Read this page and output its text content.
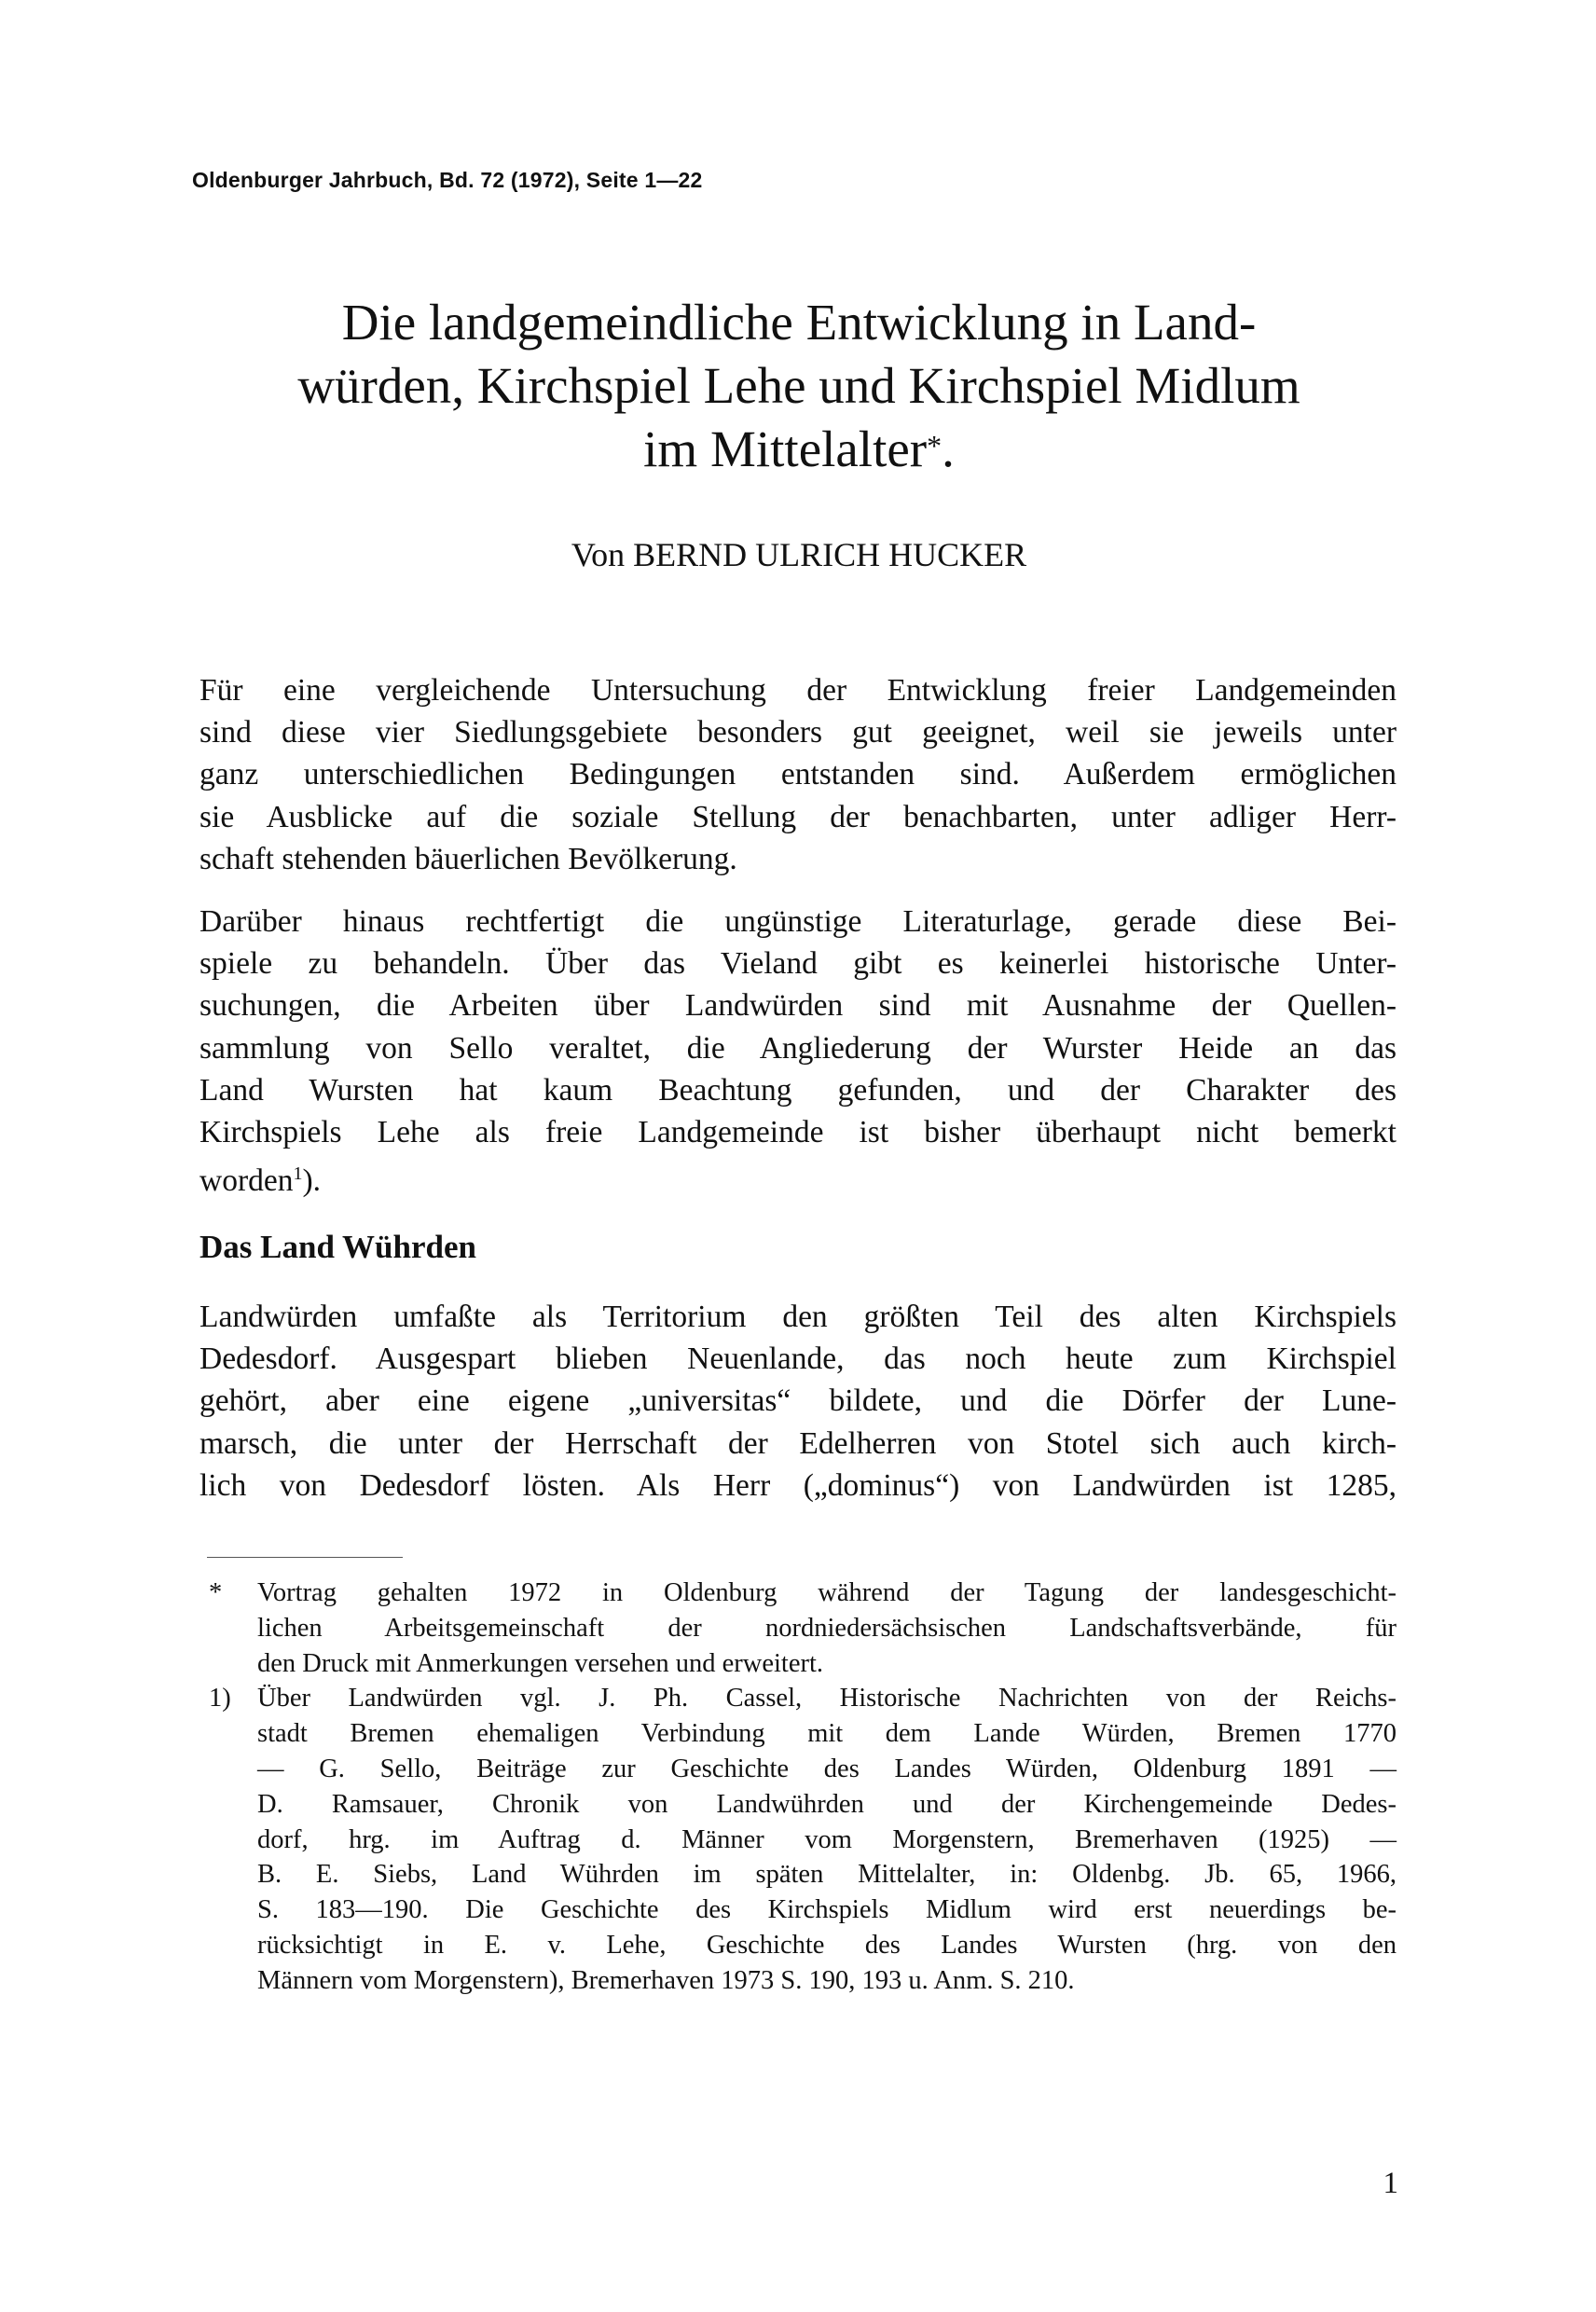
Oldenburger Jahrbuch, Bd. 72 (1972), Seite 1—22
Die landgemeindliche Entwicklung in Land-
würden, Kirchspiel Lehe und Kirchspiel Midlum
im Mittelalter*.
Von BERND ULRICH HUCKER

Für eine vergleichende Untersuchung der Entwicklung freier Landgemeinden
sind diese vier Siedlungsgebiete besonders gut geeignet, weil sie jeweils unter
ganz unterschiedlichen Bedingungen entstanden sind. Außerdem ermöglichen
sie Ausblicke auf die soziale Stellung der benachbarten, unter adliger Herr-
schaft stehenden bäuerlichen Bevölkerung.

Darüber hinaus rechtfertigt die ungünstige Literaturlage, gerade diese Bei-
spiele zu behandeln. Über das Vieland gibt es keinerlei historische Unter-
suchungen, die Arbeiten über Landwürden sind mit Ausnahme der Quellen-
sammlung von Sello veraltet, die Angliederung der Wurster Heide an das
Land Wursten hat kaum Beachtung gefunden, und der Charakter des
Kirchspiels Lehe als freie Landgemeinde ist bisher überhaupt nicht bemerkt
worden$^1$).

Das Land Wührden

Landwürden umfaßte als Territorium den größten Teil des alten Kirchspiels
Dedesdorf. Ausgespart blieben Neuenlande, das noch heute zum Kirchspiel
gehört, aber eine eigene „universitas“ bildete, und die Dörfer der Lune-
marsch, die unter der Herrschaft der Edelherren von Stotel sich auch kirch-
lich von Dedesdorf lösten. Als Herr („dominus“) von Landwürden ist 1285,

* Vortrag gehalten 1972 in Oldenburg während der Tagung der landesgeschicht-
lichen Arbeitsgemeinschaft der nordniedersächsischen Landschaftsverbände, für
den Druck mit Anmerkungen versehen und erweitert.
1) Über Landwürden vgl. J. Ph. Cassel, Historische Nachrichten von der Reichs-
stadt Bremen ehemaligen Verbindung mit dem Lande Würden, Bremen 1770
— G. Sello, Beiträge zur Geschichte des Landes Würden, Oldenburg 1891 —
D. Ramsauer, Chronik von Landwührden und der Kirchengemeinde Dedes-
dorf, hrg. im Auftrag d. Männer vom Morgenstern, Bremerhaven (1925) —
B. E. Siebs, Land Wührden im späten Mittelalter, in: Oldenbg. Jb. 65, 1966,
S. 183—190. Die Geschichte des Kirchspiels Midlum wird erst neuerdings be-
rücksichtigt in E. v. Lehe, Geschichte des Landes Wursten (hrg. von den
Männern vom Morgenstern), Bremerhaven 1973 S. 190, 193 u. Anm. S. 210.
1
